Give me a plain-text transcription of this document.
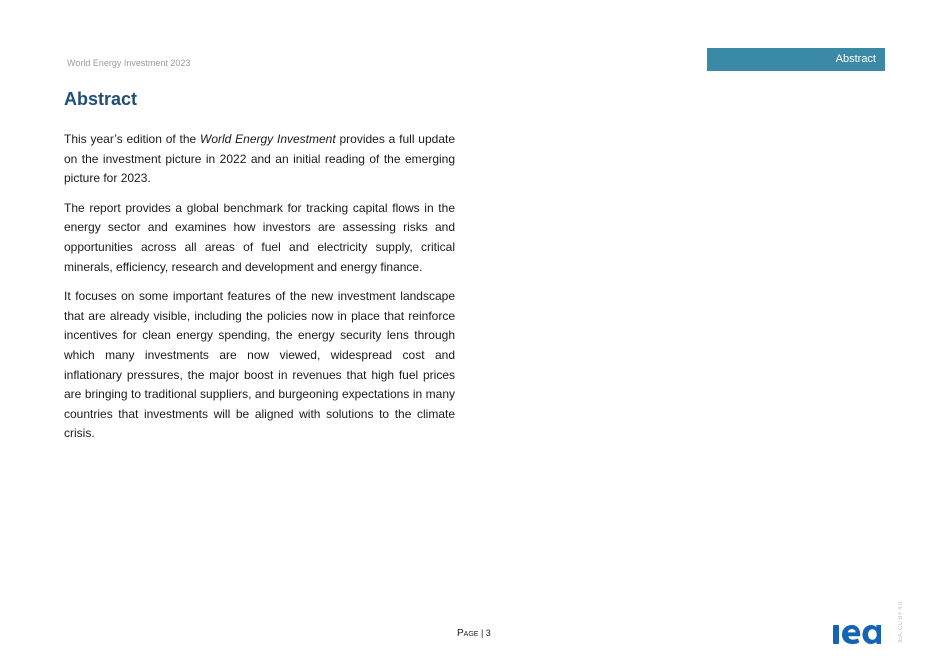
World Energy Investment 2023	Abstract
Abstract

This year’s edition of the World Energy Investment provides a full update on the investment picture in 2022 and an initial reading of the emerging picture for 2023.

The report provides a global benchmark for tracking capital flows in the energy sector and examines how investors are assessing risks and opportunities across all areas of fuel and electricity supply, critical minerals, efficiency, research and development and energy finance.

It focuses on some important features of the new investment landscape that are already visible, including the policies now in place that reinforce incentives for clean energy spending, the energy security lens through which many investments are now viewed, widespread cost and inflationary pressures, the major boost in revenues that high fuel prices are bringing to traditional suppliers, and burgeoning expectations in many countries that investments will be aligned with solutions to the climate crisis.

Page | 3	IEA. CC BY 4.0.
